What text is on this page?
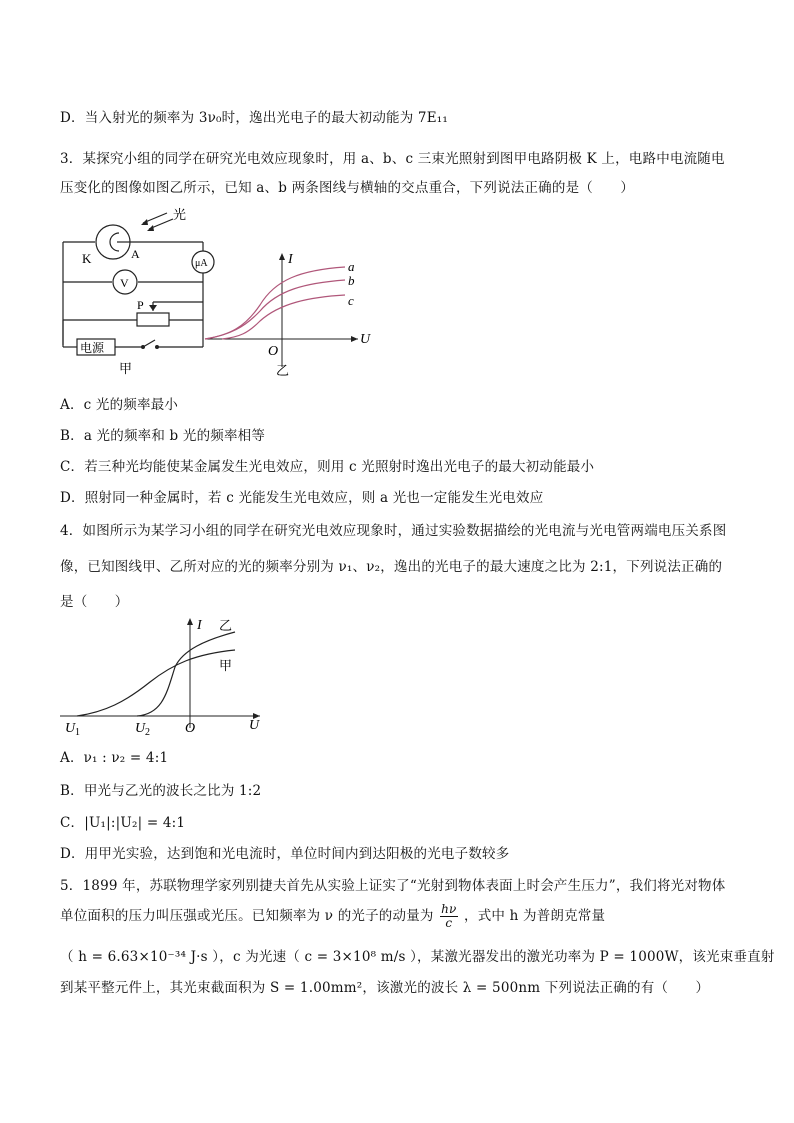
D．当入射光的频率为 3ν₀时，逸出光电子的最大初动能为 7E₁₁
3．某探究小组的同学在研究光电效应现象时，用 a、b、c 三束光照射到图甲电路阴极 K 上，电路中电流随电
压变化的图像如图乙所示，已知 a、b 两条图线与横轴的交点重合，下列说法正确的是（　　）
光
K	A
μA
V
P
电源
甲
I
U
O
a
b
c
乙
A．c 光的频率最小
B．a 光的频率和 b 光的频率相等
C．若三种光均能使某金属发生光电效应，则用 c 光照射时逸出光电子的最大初动能最小
D．照射同一种金属时，若 c 光能发生光电效应，则 a 光也一定能发生光电效应
4．如图所示为某学习小组的同学在研究光电效应现象时，通过实验数据描绘的光电流与光电管两端电压关系图
像，已知图线甲、乙所对应的光的频率分别为 ν₁、ν₂，逸出的光电子的最大速度之比为 2:1，下列说法正确的
是（　　）
I
U
O
U 1	U 2
乙
甲
A．ν₁ : ν₂ = 4:1
B．甲光与乙光的波长之比为 1:2
C．|U₁|:|U₂| = 4:1
D．用甲光实验，达到饱和光电流时，单位时间内到达阳极的光电子数较多
5．1899 年，苏联物理学家列别捷夫首先从实验上证实了“光射到物体表面上时会产生压力”，我们将光对物体
单位面积的压力叫压强或光压。已知频率为 ν 的光子的动量为 $\frac{h\nu}{c}$ ，式中 h 为普朗克常量
（ h = 6.63×10⁻³⁴ J·s ），c 为光速（ c = 3×10⁸ m/s ），某激光器发出的激光功率为 P = 1000W，该光束垂直射
到某平整元件上，其光束截面积为 S = 1.00mm²，该激光的波长 λ = 500nm 下列说法正确的有（　　）
